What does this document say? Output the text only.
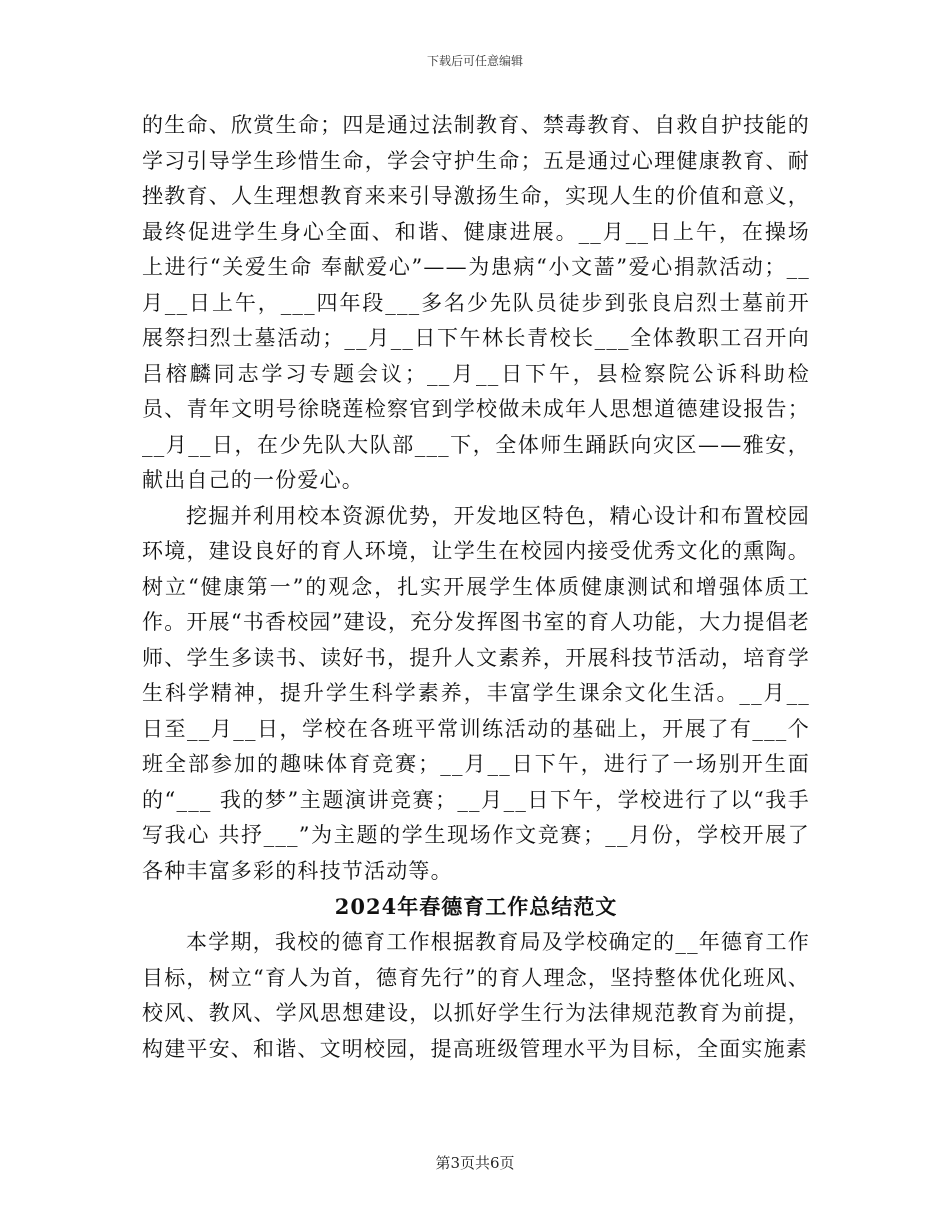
下载后可任意编辑

的生命、欣赏生命；四是通过法制教育、禁毒教育、自救自护技能的学习引导学生珍惜生命，学会守护生命；五是通过心理健康教育、耐挫教育、人生理想教育来来引导激扬生命，实现人生的价值和意义，最终促进学生身心全面、和谐、健康进展。__月__日上午，在操场上进行“关爱生命 奉献爱心”——为患病“小文蔷”爱心捐款活动；__月__日上午，___四年段___多名少先队员徒步到张良启烈士墓前开展祭扫烈士墓活动；__月__日下午林长青校长___全体教职工召开向吕榕麟同志学习专题会议；__月__日下午，县检察院公诉科助检员、青年文明号徐晓莲检察官到学校做未成年人思想道德建设报告；__月__日，在少先队大队部___下，全体师生踊跃向灾区——雅安，献出自己的一份爱心。

挖掘并利用校本资源优势，开发地区特色，精心设计和布置校园环境，建设良好的育人环境，让学生在校园内接受优秀文化的熏陶。树立“健康第一”的观念，扎实开展学生体质健康测试和增强体质工作。开展“书香校园”建设，充分发挥图书室的育人功能，大力提倡老师、学生多读书、读好书，提升人文素养，开展科技节活动，培育学生科学精神，提升学生科学素养，丰富学生课余文化生活。__月__日至__月__日，学校在各班平常训练活动的基础上，开展了有___个班全部参加的趣味体育竞赛；__月__日下午，进行了一场别开生面的“___ 我的梦”主题演讲竞赛；__月__日下午，学校进行了以“我手写我心 共抒___”为主题的学生现场作文竞赛；__月份，学校开展了各种丰富多彩的科技节活动等。

2024年春德育工作总结范文

本学期，我校的德育工作根据教育局及学校确定的__年德育工作目标，树立“育人为首，德育先行”的育人理念，坚持整体优化班风、校风、教风、学风思想建设，以抓好学生行为法律规范教育为前提，构建平安、和谐、文明校园，提高班级管理水平为目标，全面实施素

第3页共6页
